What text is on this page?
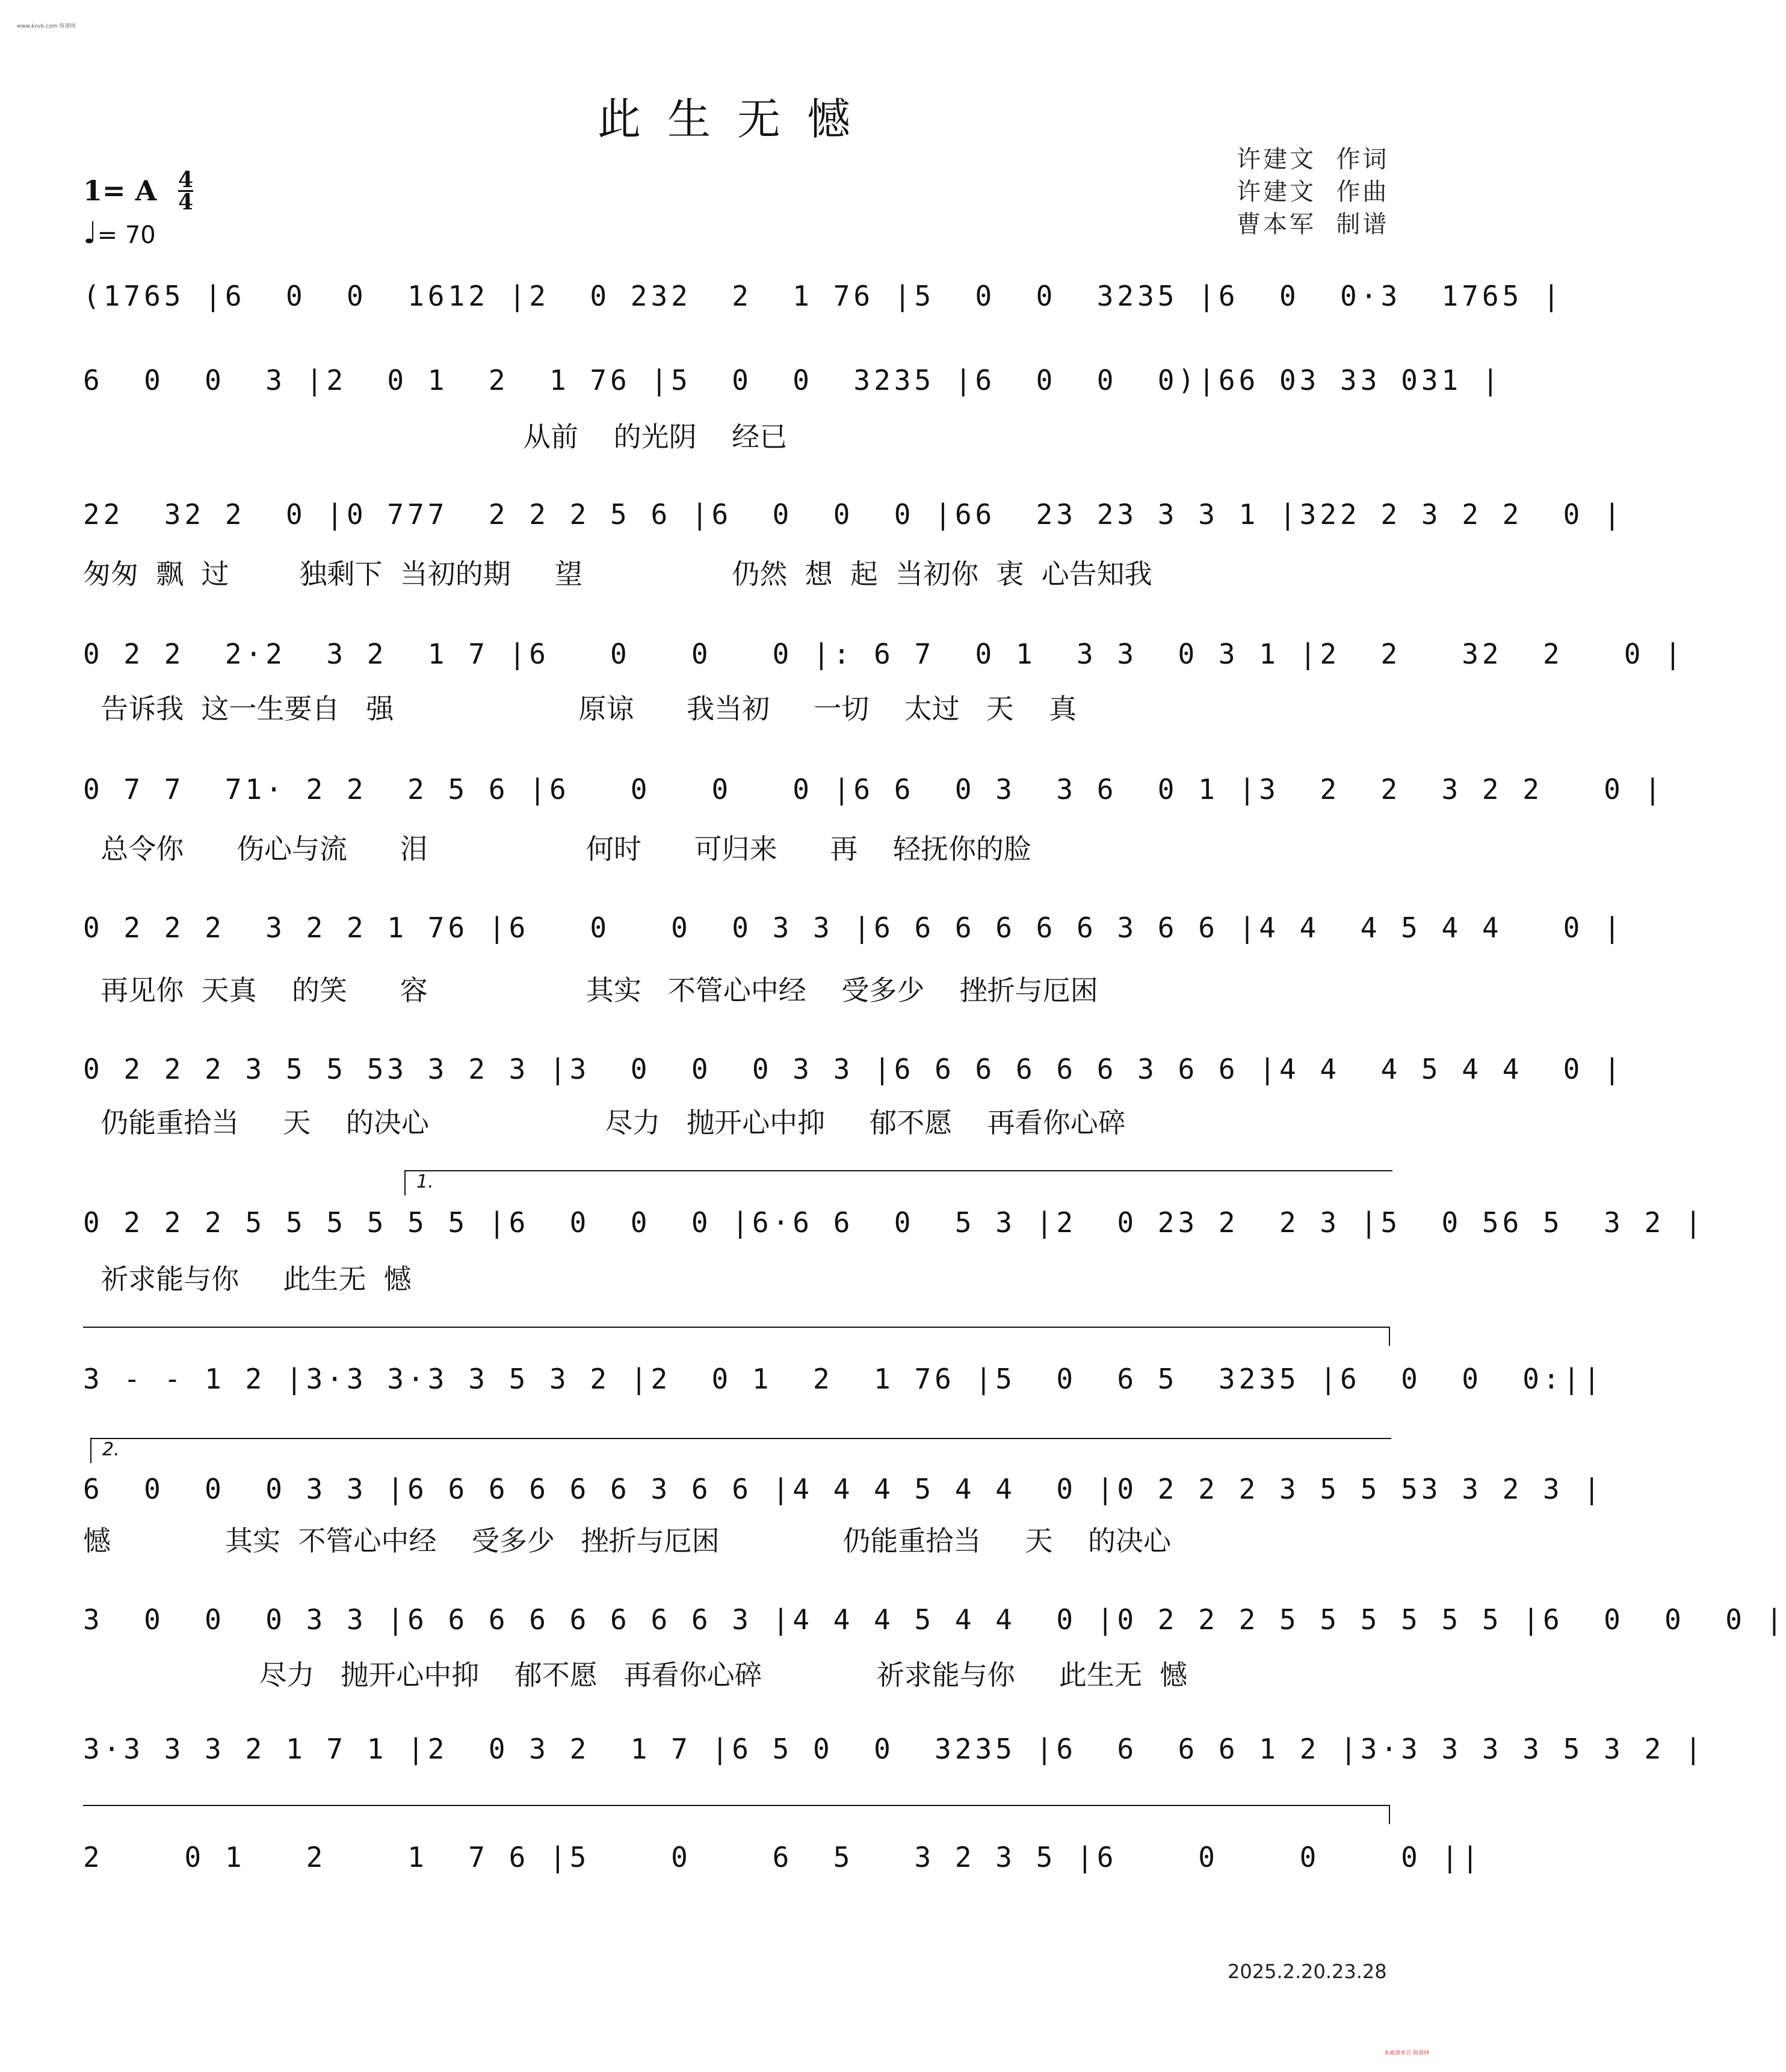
www.knvk.com 简谱网
此生无憾
许建文  作词
许建文  作曲
曹本军  制谱
1= A 4
4
♩= 70
(1765 |6  0  0  1612 |2  0 232  2  1 76 |5  0  0  3235 |6  0  0·3  1765 |
6  0  0  3 |2  0 1  2  1 76 |5  0  0  3235 |6  0  0  0)|66 03 33 031 |
从前    的光阴    经已
22  32 2  0 |0 777  2 2 2 5 6 |6  0  0  0 |66  23 23 3 3 1 |322 2 3 2 2  0 |
匆匆  飘  过        独剩下  当初的期     望                 仍然  想  起  当初你  衷  心告知我
0 2 2  2·2  3 2  1 7 |6   0   0   0 |: 6 7  0 1  3 3  0 3 1 |2  2   32  2   0 |
告诉我  这一生要自   强                     原谅      我当初     一切    太过   天    真
0 7 7  71· 2 2  2 5 6 |6   0   0   0 |6 6  0 3  3 6  0 1 |3  2  2  3 2 2   0 |
总令你      伤心与流      泪                  何时      可归来      再    轻抚你的脸
0 2 2 2  3 2 2 1 76 |6   0   0  0 3 3 |6 6 6 6 6 6 3 6 6 |4 4  4 5 4 4   0 |
再见你  天真    的笑      容                  其实   不管心中经    受多少    挫折与厄困
0 2 2 2 3 5 5 53 3 2 3 |3  0  0  0 3 3 |6 6 6 6 6 6 3 6 6 |4 4  4 5 4 4  0 |
仍能重拾当     天    的决心                    尽力   抛开心中抑     郁不愿    再看你心碎
1.
0 2 2 2 5 5 5 5 5 5 |6  0  0  0 |6·6 6  0  5 3 |2  0 23 2  2 3 |5  0 56 5  3 2 |
祈求能与你     此生无  憾
3 - - 1 2 |3·3 3·3 3 5 3 2 |2  0 1  2  1 76 |5  0  6 5  3235 |6  0  0  0:||
2.
6  0  0  0 3 3 |6 6 6 6 6 6 3 6 6 |4 4 4 5 4 4  0 |0 2 2 2 3 5 5 53 3 2 3 |
憾             其实  不管心中经    受多少   挫折与厄困              仍能重拾当     天    的决心
3  0  0  0 3 3 |6 6 6 6 6 6 6 6 3 |4 4 4 5 4 4  0 |0 2 2 2 5 5 5 5 5 5 |6  0  0  0 |
尽力   抛开心中抑    郁不愿   再看你心碎             祈求能与你     此生无  憾
3·3 3 3 2 1 7 1 |2  0 3 2  1 7 |6 5 0  0  3235 |6  6  6 6 1 2 |3·3 3 3 3 5 3 2 |
2    0 1   2    1  7 6 |5    0    6  5   3 2 3 5 |6    0    0    0 ||
2025.2.20.23.28
本曲谱来自 简谱网
